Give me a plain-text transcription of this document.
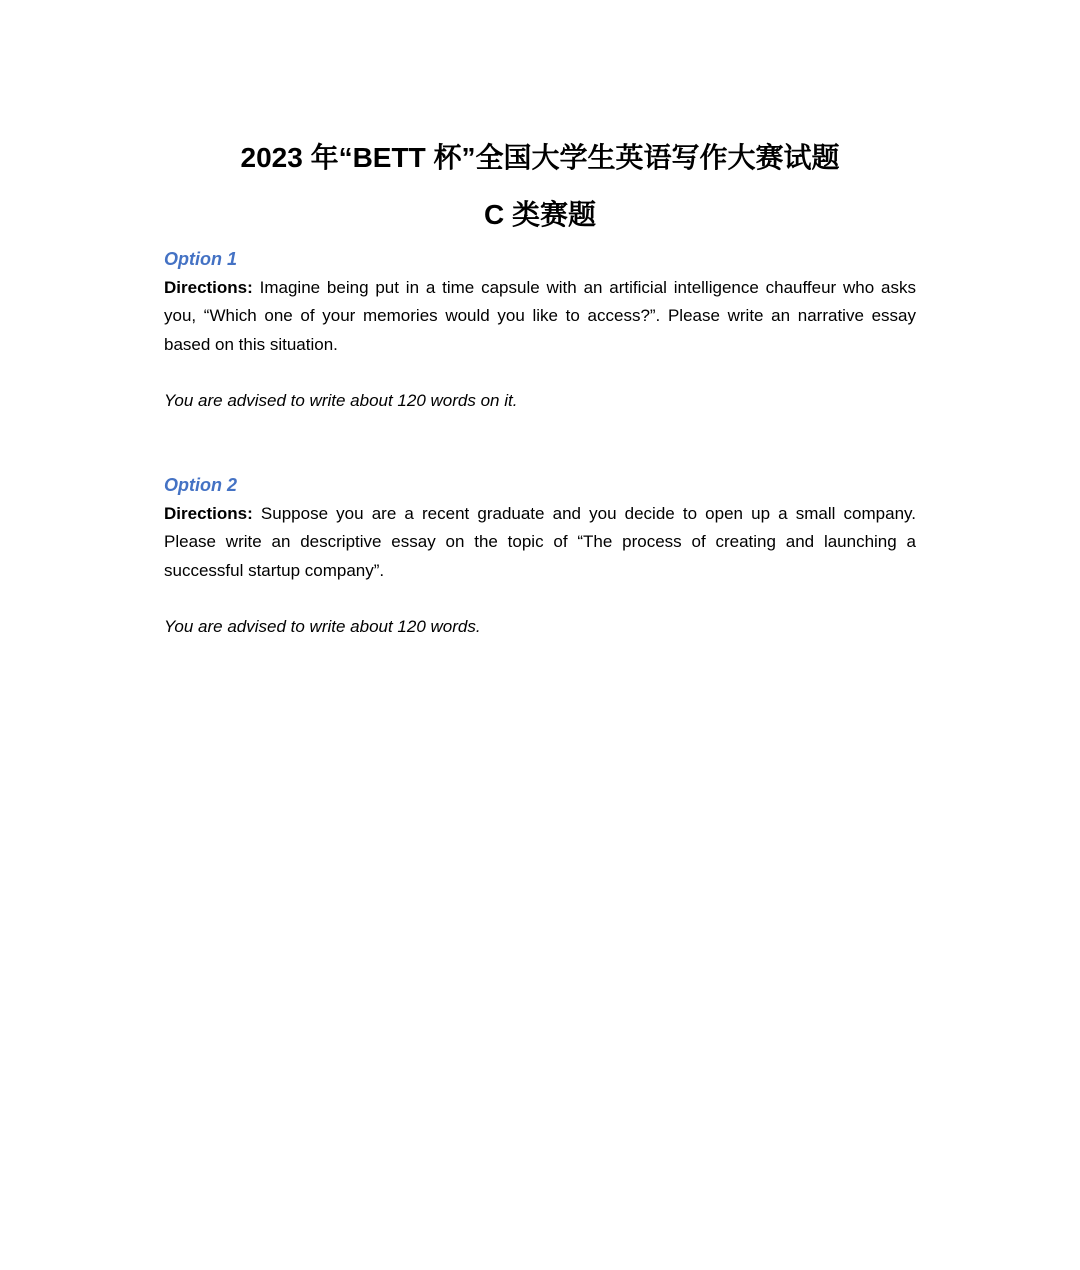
2023 年“BETT 杯”全国大学生英语写作大赛试题
C 类赛题

Option 1

Directions: Imagine being put in a time capsule with an artificial intelligence chauffeur who asks you, “Which one of your memories would you like to access?”. Please write an narrative essay based on this situation.

You are advised to write about 120 words on it.

Option 2

Directions: Suppose you are a recent graduate and you decide to open up a small company. Please write an descriptive essay on the topic of “The process of creating and launching a successful startup company”.

You are advised to write about 120 words.
